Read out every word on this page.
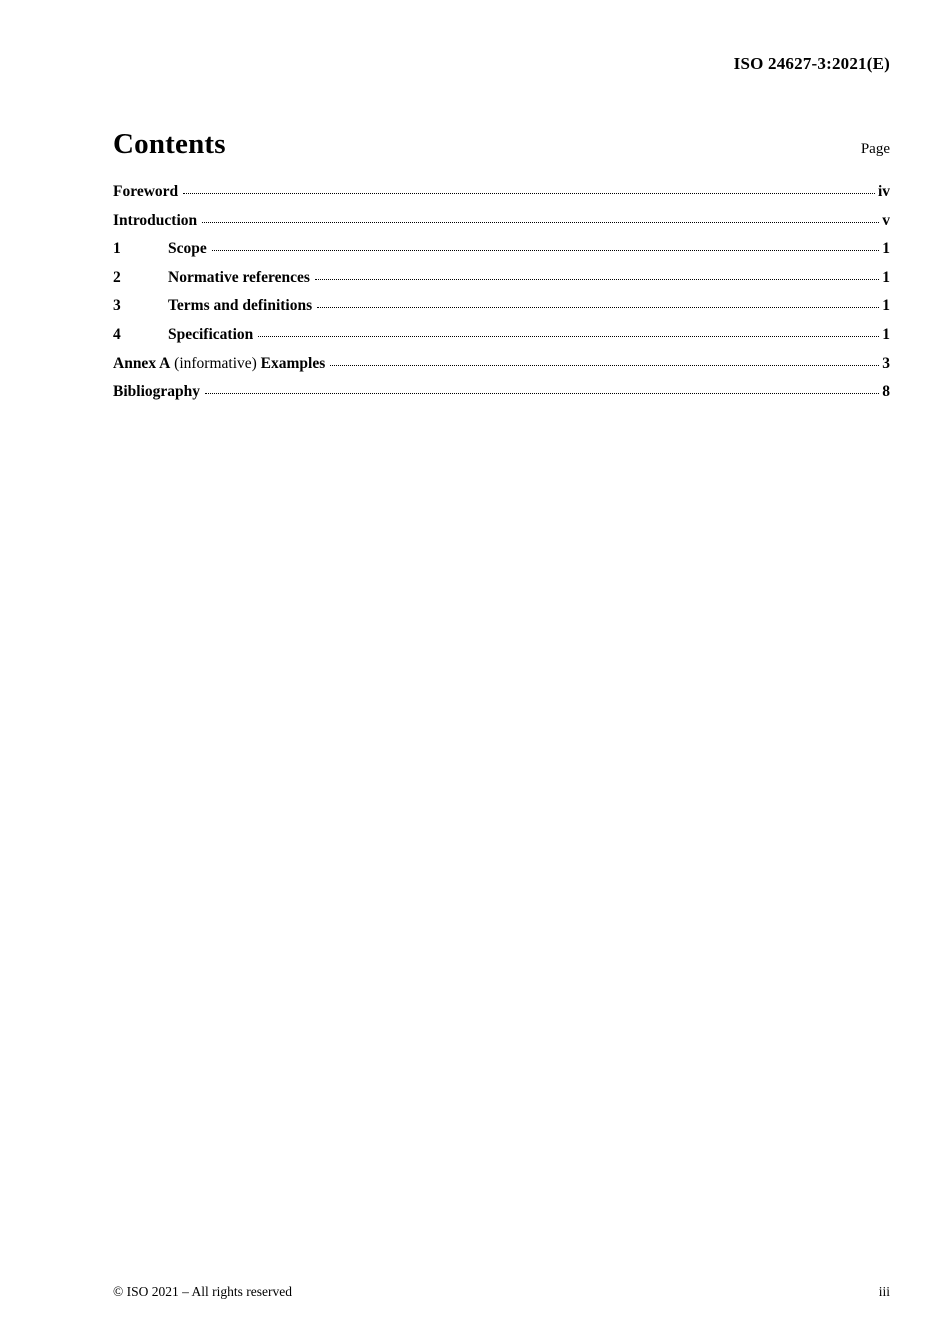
ISO 24627-3:2021(E)
Contents	Page
Foreword	iv
Introduction	v
1	Scope	1
2	Normative references	1
3	Terms and definitions	1
4	Specification	1
Annex A (informative) Examples	3
Bibliography	8
© ISO 2021 – All rights reserved	iii
